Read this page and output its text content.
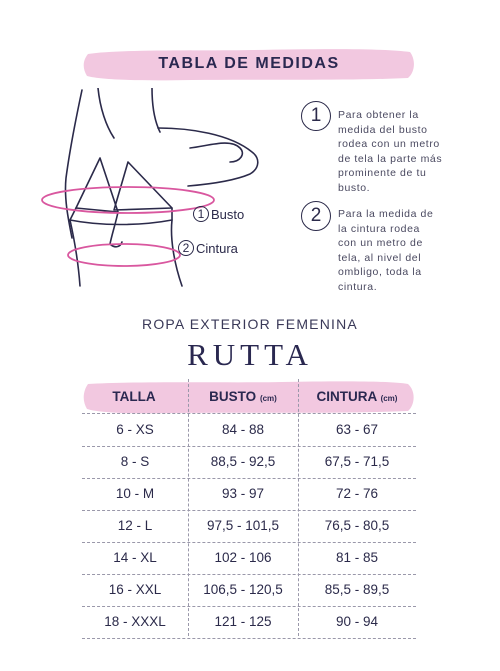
TABLA DE MEDIDAS
1 Busto
2 Cintura
1	Para obtener la
medida del busto
rodea con un metro
de tela la parte más
prominente de tu
busto.
2	Para la medida de
la cintura rodea
con un metro de
tela, al nivel del
ombligo, toda la
cintura.
ROPA EXTERIOR FEMENINA
RUTTA
TALLA	BUSTO (cm)	CINTURA (cm)
6 - XS	84 - 88	63 - 67
8 - S	88,5 - 92,5	67,5 - 71,5
10 - M	93 - 97	72 - 76
12 - L	97,5 - 101,5	76,5 - 80,5
14 - XL	102 - 106	81 - 85
16 - XXL	106,5 - 120,5	85,5 - 89,5
18 - XXXL	121 - 125	90 - 94
